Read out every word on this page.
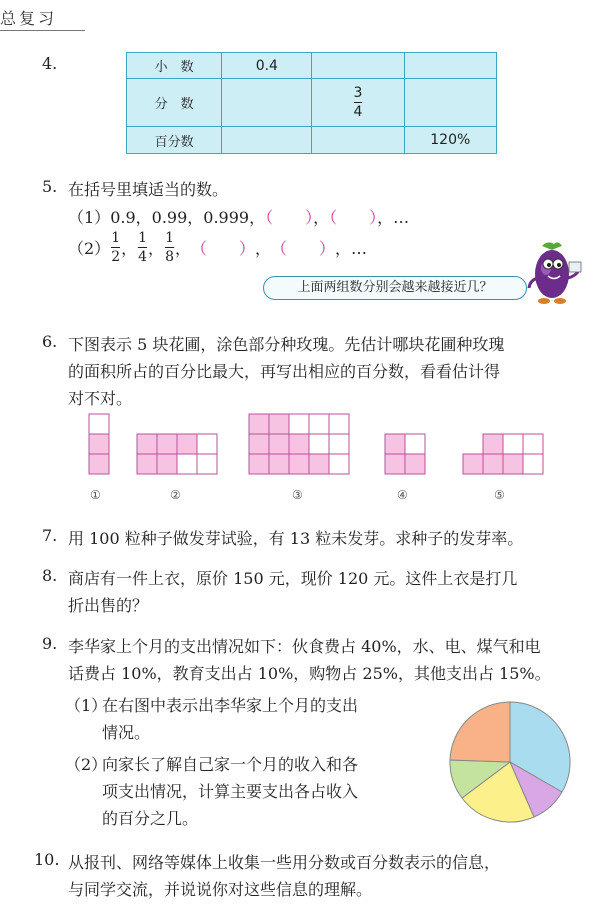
总复习
4.	小　数	0.4		
分　数		$\frac{3}{4}$

百分数			120%
5. 在括号里填适当的数。
（1）0.9，0.99，0.999，（　　），（　　），…
$(2) \frac{1}{2}$ ， $\frac{1}{4}$ ， $\frac{1}{8}$ ， （　　） ， （　　） ，…
上面两组数分别会越来越接近几？
6. 下图表示 5 块花圃，涂色部分种玫瑰。先估计哪块花圃种玫瑰
的面积所占的百分比最大，再写出相应的百分数，看看估计得
对不对。
①	②	③	④	⑤
7. 用 100 粒种子做发芽试验，有 13 粒未发芽。求种子的发芽率。
8. 商店有一件上衣，原价 150 元，现价 120 元。这件上衣是打几
折出售的？
9. 李华家上个月的支出情况如下：伙食费占 40%，水、电、煤气和电
话费占 10%，教育支出占 10%，购物占 25%，其他支出占 15%。
（1）
在右图中表示出李华家上个月的支出
情况。
（2）
向家长了解自己家一个月的收入和各
项支出情况，计算主要支出各占收入
的百分之几。
10. 从报刊、网络等媒体上收集一些用分数或百分数表示的信息，
与同学交流，并说说你对这些信息的理解。
